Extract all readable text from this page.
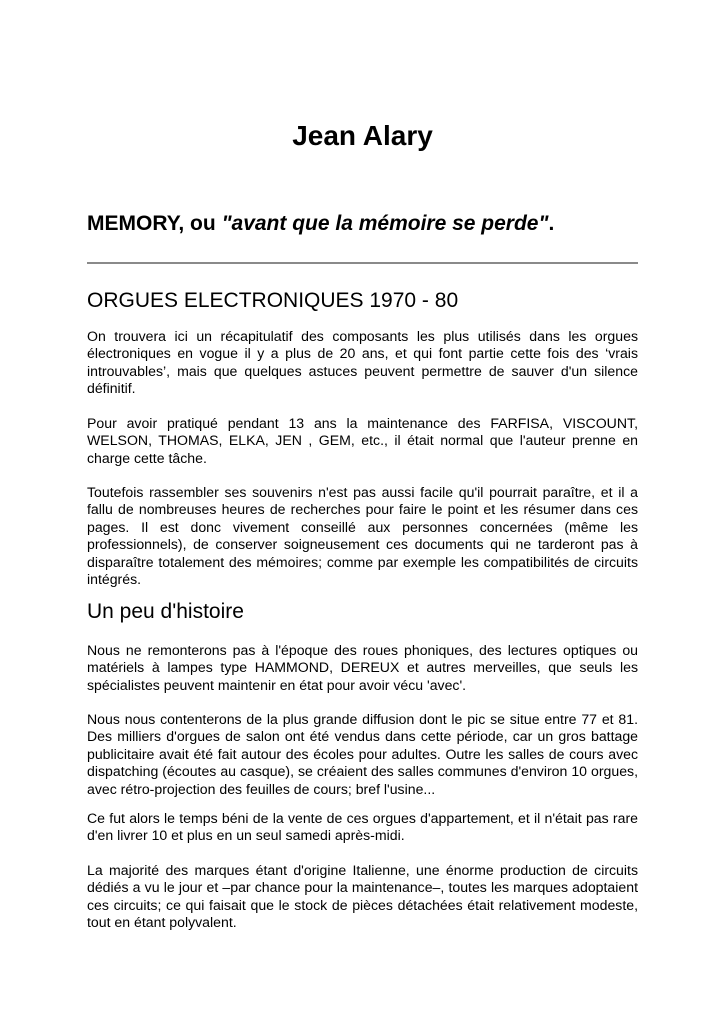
Jean Alary
MEMORY, ou "avant que la mémoire se perde".
ORGUES ELECTRONIQUES 1970 - 80

On trouvera ici un récapitulatif des composants les plus utilisés dans les orgues électroniques en vogue il y a plus de 20 ans, et qui font partie cette fois des ‘vrais introuvables’, mais que quelques astuces peuvent permettre de sauver d'un silence définitif.

Pour avoir pratiqué pendant 13 ans la maintenance des FARFISA, VISCOUNT, WELSON, THOMAS, ELKA, JEN , GEM, etc., il était normal que l'auteur prenne en charge cette tâche.

Toutefois rassembler ses souvenirs n'est pas aussi facile qu'il pourrait paraître, et il a fallu de nombreuses heures de recherches pour faire le point et les résumer dans ces pages. Il est donc vivement conseillé aux personnes concernées (même les professionnels), de conserver soigneusement ces documents qui ne tarderont pas à disparaître totalement des mémoires; comme par exemple les compatibilités de circuits intégrés.

Un peu d'histoire

Nous ne remonterons pas à l'époque des roues phoniques, des lectures optiques ou matériels à lampes type HAMMOND, DEREUX et autres merveilles, que seuls les spécialistes peuvent maintenir en état pour avoir vécu 'avec'.

Nous nous contenterons de la plus grande diffusion dont le pic se situe entre 77 et 81. Des milliers d'orgues de salon ont été vendus dans cette période, car un gros battage publicitaire avait été fait autour des écoles pour adultes. Outre les salles de cours avec dispatching (écoutes au casque), se créaient des salles communes d'environ 10 orgues, avec rétro-projection des feuilles de cours; bref l'usine...

Ce fut alors le temps béni de la vente de ces orgues d'appartement, et il n'était pas rare d'en livrer 10 et plus en un seul samedi après-midi.

La majorité des marques étant d'origine Italienne, une énorme production de circuits dédiés a vu le jour et –par chance pour la maintenance–, toutes les marques adoptaient ces circuits; ce qui faisait que le stock de pièces détachées était relativement modeste, tout en étant polyvalent.
